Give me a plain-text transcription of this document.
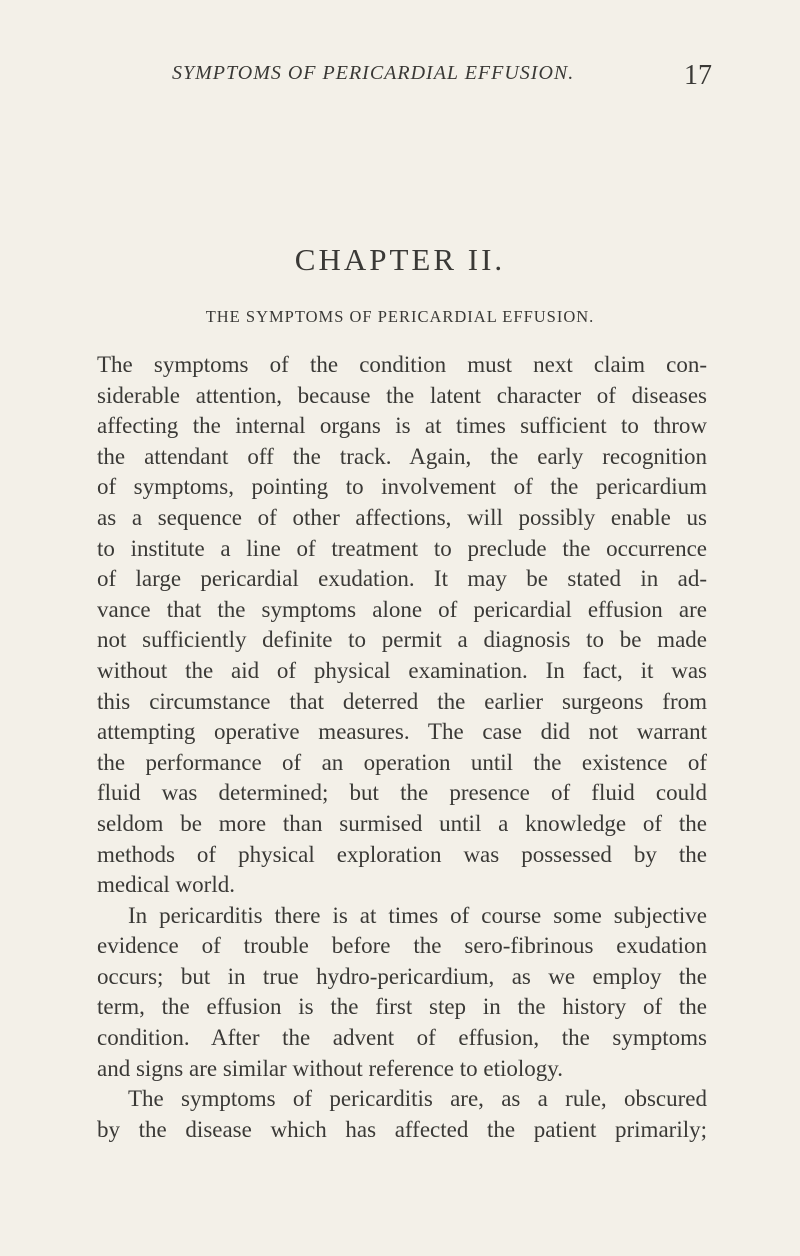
SYMPTOMS OF PERICARDIAL EFFUSION.	17
CHAPTER II.
THE SYMPTOMS OF PERICARDIAL EFFUSION.
The symptoms of the condition must next claim con-
siderable attention, because the latent character of diseases
affecting the internal organs is at times sufficient to throw
the attendant off the track. Again, the early recognition
of symptoms, pointing to involvement of the pericardium
as a sequence of other affections, will possibly enable us
to institute a line of treatment to preclude the occurrence
of large pericardial exudation. It may be stated in ad-
vance that the symptoms alone of pericardial effusion are
not sufficiently definite to permit a diagnosis to be made
without the aid of physical examination. In fact, it was
this circumstance that deterred the earlier surgeons from
attempting operative measures. The case did not warrant
the performance of an operation until the existence of
fluid was determined; but the presence of fluid could
seldom be more than surmised until a knowledge of the
methods of physical exploration was possessed by the
medical world.
In pericarditis there is at times of course some subjective
evidence of trouble before the sero-fibrinous exudation
occurs; but in true hydro-pericardium, as we employ the
term, the effusion is the first step in the history of the
condition. After the advent of effusion, the symptoms
and signs are similar without reference to etiology.
The symptoms of pericarditis are, as a rule, obscured
by the disease which has affected the patient primarily;
